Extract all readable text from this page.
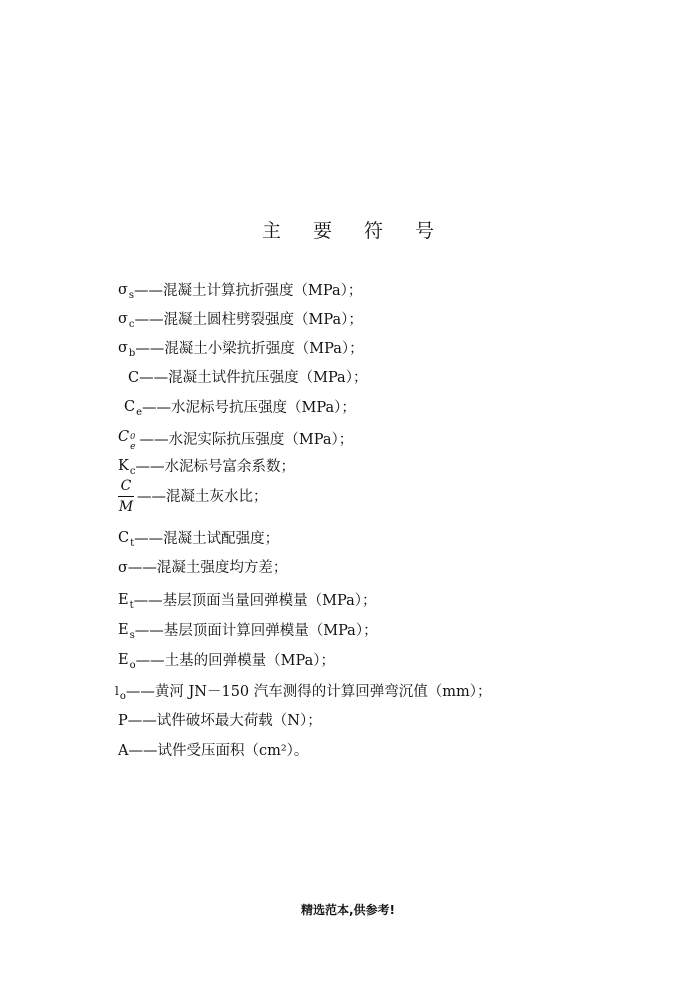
主 要 符 号
σ s ——混凝土计算抗折强度（MPa）；
σ c ——混凝土圆柱劈裂强度（MPa）；
σ b ——混凝土小梁抗折强度（MPa）；
C ——混凝土试件抗压强度（MPa）；
C e ——水泥标号抗压强度（MPa）；
C 0
e ——水泥实际抗压强度（MPa）；
K c ——水泥标号富余系数；
$\frac{C}{M}$ ——混凝土灰水比；
C t ——混凝土试配强度；
σ ——混凝土强度均方差；
E t ——基层顶面当量回弹模量（MPa）；
E s ——基层顶面计算回弹模量（MPa）；
E o ——土基的回弹模量（MPa）；
l o ——黄河 JN－150 汽车测得的计算回弹弯沉值（mm）；
P ——试件破坏最大荷载（N）；
A ——试件受压面积（cm²）。
精选范本,供参考!
